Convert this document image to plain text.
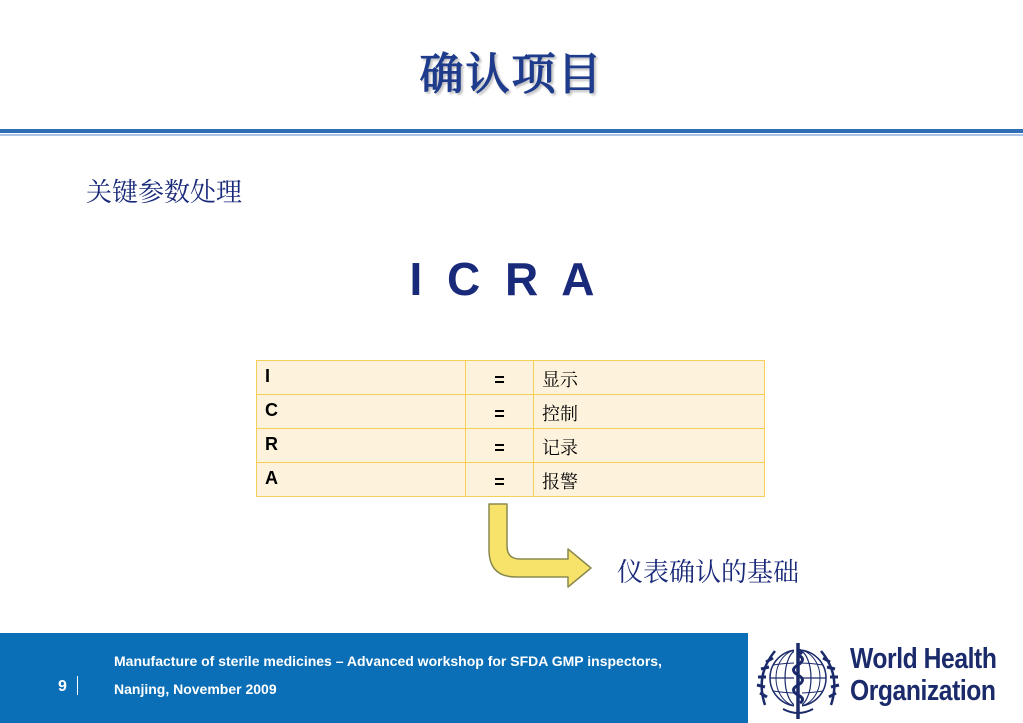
确认项目
关键参数处理
I C R A
I	=	显示
C	=	控制
R	=	记录
A	=	报警
仪表确认的基础
9
Manufacture of sterile medicines – Advanced workshop for SFDA GMP inspectors,
Nanjing, November 2009
World Health
Organization
